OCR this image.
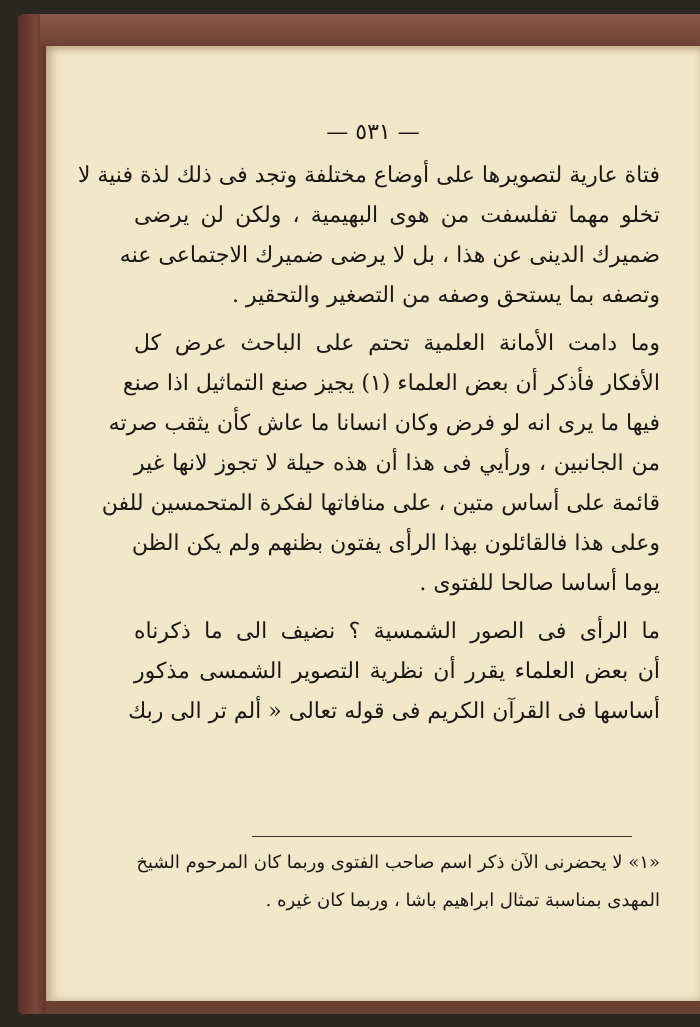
— ٥٣١ —
فتاة عارية لتصويرها على أوضاع مختلفة وتجد فى ذلك لذة فنية لا
تخلو مهما تفلسفت من هوى البهيمية ، ولكن لن يرضى
ضميرك الدينى عن هذا ، بل لا يرضى ضميرك الاجتماعى عنه
وتصفه بما يستحق وصفه من التصغير والتحقير .
وما دامت الأمانة العلمية تحتم على الباحث عرض كل
الأفكار فأذكر أن بعض العلماء (١) يجيز صنع التماثيل اذا صنع
فيها ما يرى انه لو فرض وكان انسانا ما عاش كأن يثقب صرته
من الجانبين ، ورأيي فى هذا أن هذه حيلة لا تجوز لانها غير
قائمة على أساس متين ، على منافاتها لفكرة المتحمسين للفن
وعلى هذا فالقائلون بهذا الرأى يفتون بظنهم ولم يكن الظن
يوما أساسا صالحا للفتوى .
ما الرأى فى الصور الشمسية ؟ نضيف الى ما ذكرناه
أن بعض العلماء يقرر أن نظرية التصوير الشمسى مذكور
أساسها فى القرآن الكريم فى قوله تعالى « ألم تر الى ربك
«١» لا يحضرنى الآن ذكر اسم صاحب الفتوى وربما كان المرحوم الشيخ
المهدى بمناسبة تمثال ابراهيم باشا ، وربما كان غيره .
